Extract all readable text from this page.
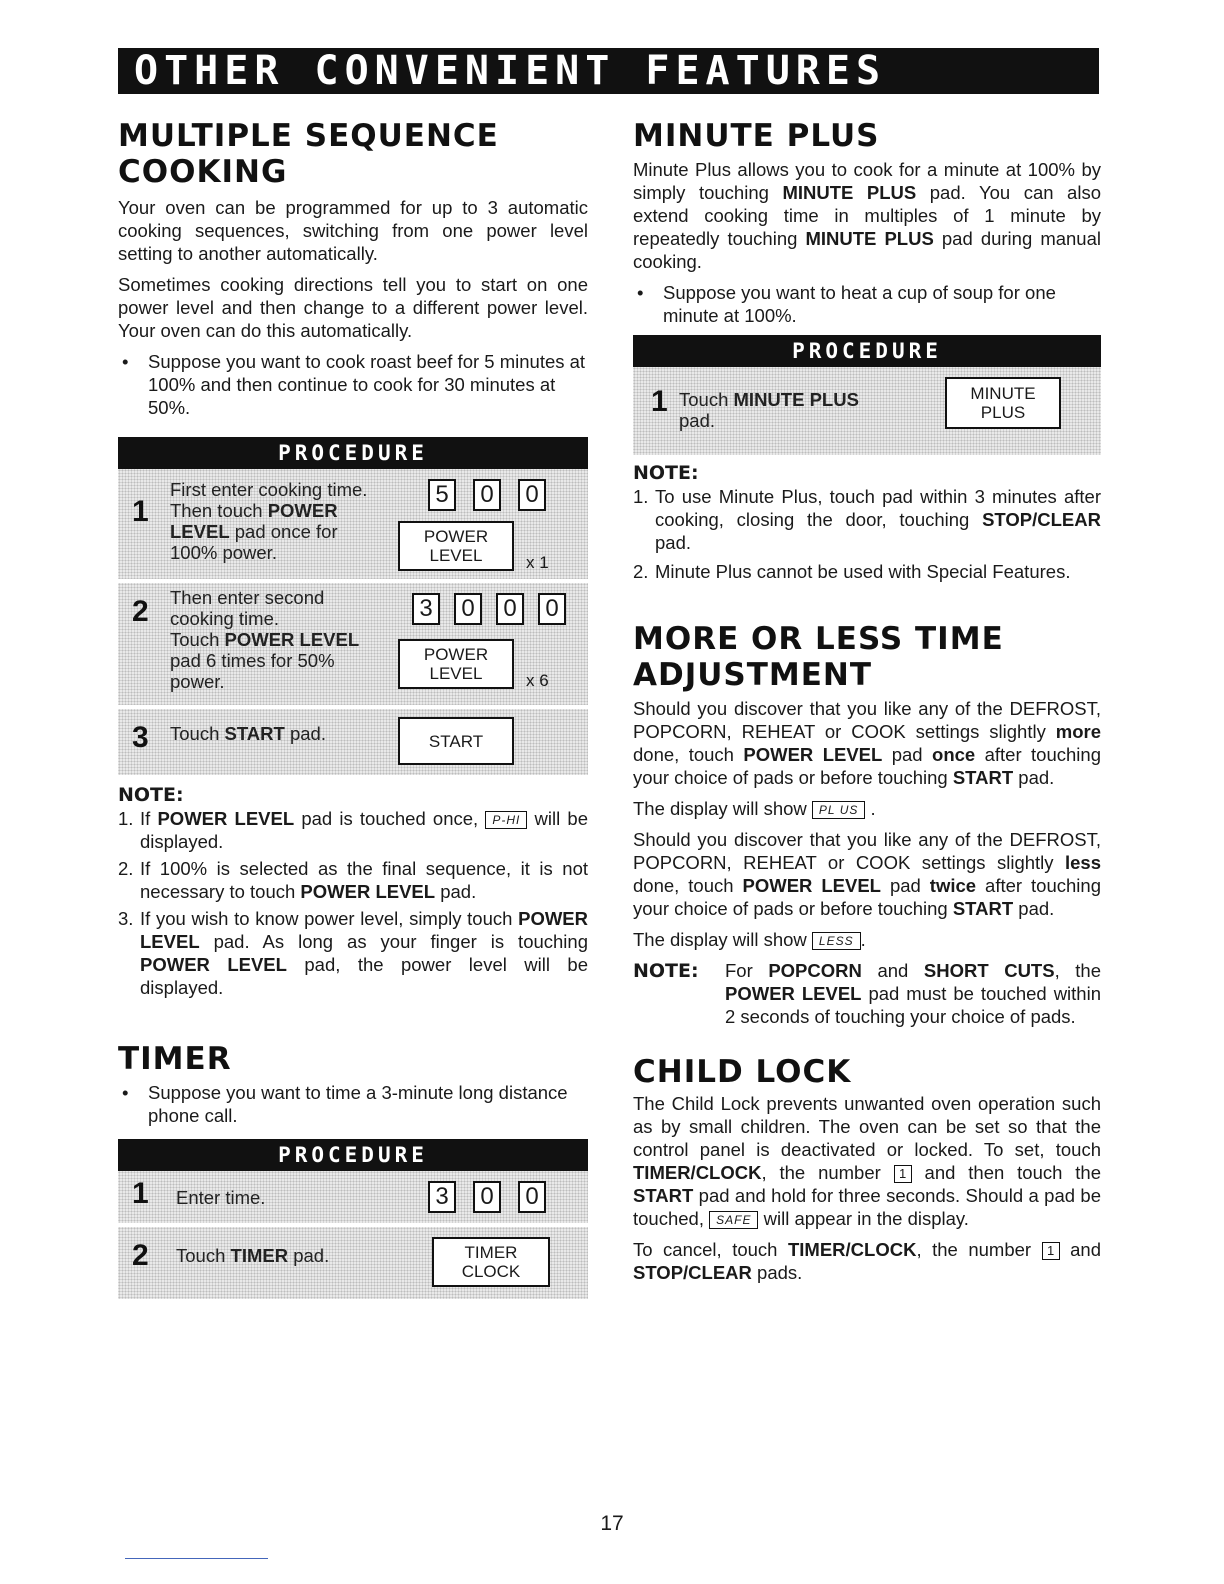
OTHER CONVENIENT FEATURES
MULTIPLE SEQUENCE
COOKING

Your oven can be programmed for up to 3 automatic cooking sequences, switching from one power level setting to another automatically.

Sometimes cooking directions tell you to start on one power level and then change to a different power level. Your oven can do this automatically.

•	Suppose you want to cook roast beef for 5 minutes at 100% and then continue to cook for 30 minutes at 50%.
PROCEDURE
1
First enter cooking time.
Then touch POWER
LEVEL pad once for
100% power.
5	0	0
POWER
LEVEL	x 1
2 Then enter second
cooking time.
Touch POWER LEVEL
pad 6 times for 50%
power.
3	0	0	0
POWER
LEVEL	x 6
3 Touch START pad.	START
NOTE:
1. If POWER LEVEL pad is touched once, P-HI will be displayed.
2. If 100% is selected as the final sequence, it is not necessary to touch POWER LEVEL pad.
3. If you wish to know power level, simply touch POWER LEVEL pad. As long as your finger is touching POWER LEVEL pad, the power level will be displayed.
TIMER
•	Suppose you want to time a 3-minute long distance phone call.
PROCEDURE
1 Enter time.	3	0	0
2 Touch TIMER pad.	TIMER
CLOCK
MINUTE PLUS

Minute Plus allows you to cook for a minute at 100% by simply touching MINUTE PLUS pad. You can also extend cooking time in multiples of 1 minute by repeatedly touching MINUTE PLUS pad during manual cooking.

•	Suppose you want to heat a cup of soup for one minute at 100%.
PROCEDURE
1 Touch MINUTE PLUS
pad.
MINUTE
PLUS
NOTE:
1. To use Minute Plus, touch pad within 3 minutes after cooking, closing the door, touching STOP/CLEAR pad.
2. Minute Plus cannot be used with Special Features.
MORE OR LESS TIME
ADJUSTMENT

Should you discover that you like any of the DEFROST, POPCORN, REHEAT or COOK settings slightly more done, touch POWER LEVEL pad once after touching your choice of pads or before touching START pad.

The display will show PL US .

Should you discover that you like any of the DEFROST, POPCORN, REHEAT or COOK settings slightly less done, touch POWER LEVEL pad twice after touching your choice of pads or before touching START pad.

The display will show LESS .

NOTE:	For POPCORN and SHORT CUTS, the POWER LEVEL pad must be touched within 2 seconds of touching your choice of pads.
CHILD LOCK

The Child Lock prevents unwanted oven operation such as by small children. The oven can be set so that the control panel is deactivated or locked. To set, touch TIMER/CLOCK, the number 1 and then touch the START pad and hold for three seconds. Should a pad be touched, SAFE will appear in the display.

To cancel, touch TIMER/CLOCK, the number 1 and STOP/CLEAR pads.

17
